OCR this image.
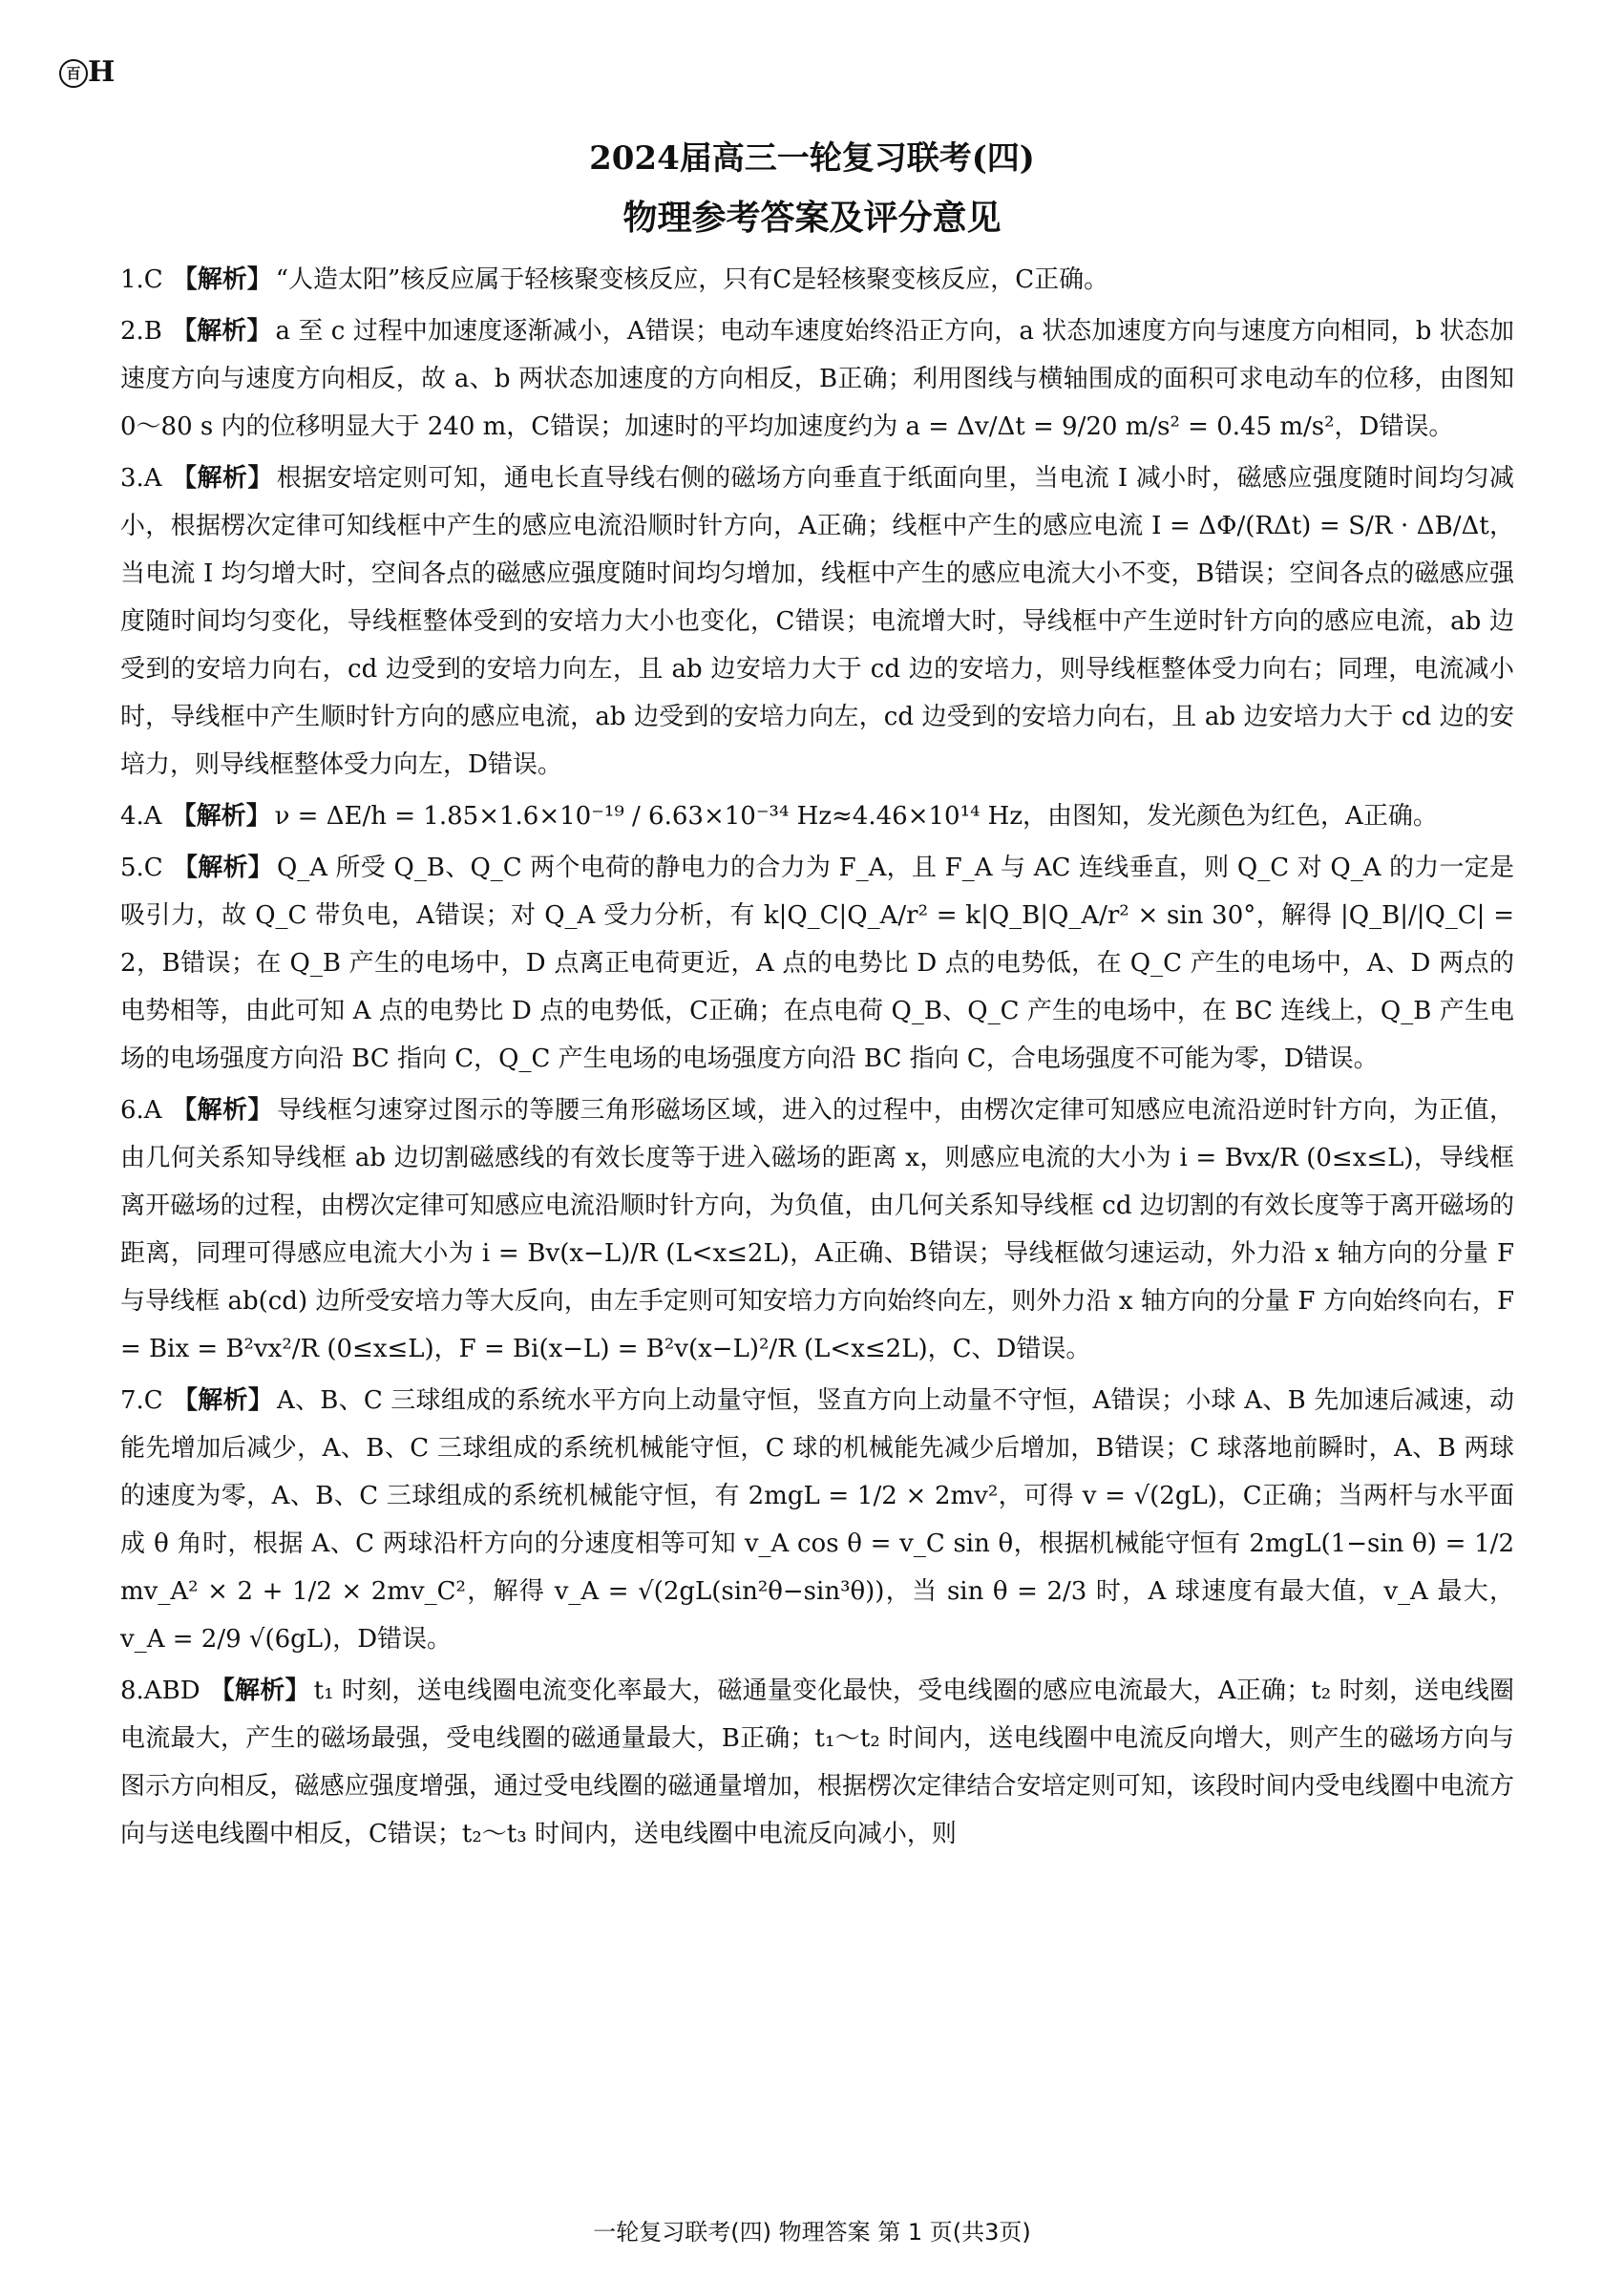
百 H
2024届高三一轮复习联考(四)
物理参考答案及评分意见
1.C 【解析】 “人造太阳”核反应属于轻核聚变核反应，只有C是轻核聚变核反应，C正确。
2.B 【解析】 a 至 c 过程中加速度逐渐减小，A错误；电动车速度始终沿正方向，a 状态加速度方向与速度方向相同，b 状态加速度方向与速度方向相反，故 a、b 两状态加速度的方向相反，B正确；利用图线与横轴围成的面积可求电动车的位移，由图知 0～80 s 内的位移明显大于 240 m，C错误；加速时的平均加速度约为 a = Δv/Δt = 9/20 m/s² = 0.45 m/s²，D错误。
3.A 【解析】 根据安培定则可知，通电长直导线右侧的磁场方向垂直于纸面向里，当电流 I 减小时，磁感应强度随时间均匀减小，根据楞次定律可知线框中产生的感应电流沿顺时针方向，A正确；线框中产生的感应电流 I = ΔΦ/(RΔt) = S/R · ΔB/Δt，当电流 I 均匀增大时，空间各点的磁感应强度随时间均匀增加，线框中产生的感应电流大小不变，B错误；空间各点的磁感应强度随时间均匀变化，导线框整体受到的安培力大小也变化，C错误；电流增大时，导线框中产生逆时针方向的感应电流，ab 边受到的安培力向右，cd 边受到的安培力向左，且 ab 边安培力大于 cd 边的安培力，则导线框整体受力向右；同理，电流减小时，导线框中产生顺时针方向的感应电流，ab 边受到的安培力向左，cd 边受到的安培力向右，且 ab 边安培力大于 cd 边的安培力，则导线框整体受力向左，D错误。
4.A 【解析】 ν = ΔE/h = 1.85×1.6×10⁻¹⁹ / 6.63×10⁻³⁴ Hz≈4.46×10¹⁴ Hz，由图知，发光颜色为红色，A正确。
5.C 【解析】 Q_A 所受 Q_B、Q_C 两个电荷的静电力的合力为 F_A，且 F_A 与 AC 连线垂直，则 Q_C 对 Q_A 的力一定是吸引力，故 Q_C 带负电，A错误；对 Q_A 受力分析，有 k|Q_C|Q_A/r² = k|Q_B|Q_A/r² × sin 30°，解得 |Q_B|/|Q_C| = 2，B错误；在 Q_B 产生的电场中，D 点离正电荷更近，A 点的电势比 D 点的电势低，在 Q_C 产生的电场中，A、D 两点的电势相等，由此可知 A 点的电势比 D 点的电势低，C正确；在点电荷 Q_B、Q_C 产生的电场中，在 BC 连线上，Q_B 产生电场的电场强度方向沿 BC 指向 C，Q_C 产生电场的电场强度方向沿 BC 指向 C，合电场强度不可能为零，D错误。
6.A 【解析】 导线框匀速穿过图示的等腰三角形磁场区域，进入的过程中，由楞次定律可知感应电流沿逆时针方向，为正值，由几何关系知导线框 ab 边切割磁感线的有效长度等于进入磁场的距离 x，则感应电流的大小为 i = Bvx/R (0≤x≤L)，导线框离开磁场的过程，由楞次定律可知感应电流沿顺时针方向，为负值，由几何关系知导线框 cd 边切割的有效长度等于离开磁场的距离，同理可得感应电流大小为 i = Bv(x−L)/R (L<x≤2L)，A正确、B错误；导线框做匀速运动，外力沿 x 轴方向的分量 F 与导线框 ab(cd) 边所受安培力等大反向，由左手定则可知安培力方向始终向左，则外力沿 x 轴方向的分量 F 方向始终向右，F = Bix = B²vx²/R (0≤x≤L)，F = Bi(x−L) = B²v(x−L)²/R (L<x≤2L)，C、D错误。
7.C 【解析】 A、B、C 三球组成的系统水平方向上动量守恒，竖直方向上动量不守恒，A错误；小球 A、B 先加速后减速，动能先增加后减少，A、B、C 三球组成的系统机械能守恒，C 球的机械能先减少后增加，B错误；C 球落地前瞬时，A、B 两球的速度为零，A、B、C 三球组成的系统机械能守恒，有 2mgL = 1/2 × 2mv²，可得 v = √(2gL)，C正确；当两杆与水平面成 θ 角时，根据 A、C 两球沿杆方向的分速度相等可知 v_A cos θ = v_C sin θ，根据机械能守恒有 2mgL(1−sin θ) = 1/2 mv_A² × 2 + 1/2 × 2mv_C²，解得 v_A = √(2gL(sin²θ−sin³θ))，当 sin θ = 2/3 时，A 球速度有最大值，v_A 最大，v_A = 2/9 √(6gL)，D错误。
8.ABD 【解析】 t₁ 时刻，送电线圈电流变化率最大，磁通量变化最快，受电线圈的感应电流最大，A正确；t₂ 时刻，送电线圈电流最大，产生的磁场最强，受电线圈的磁通量最大，B正确；t₁～t₂ 时间内，送电线圈中电流反向增大，则产生的磁场方向与图示方向相反，磁感应强度增强，通过受电线圈的磁通量增加，根据楞次定律结合安培定则可知，该段时间内受电线圈中电流方向与送电线圈中相反，C错误；t₂～t₃ 时间内，送电线圈中电流反向减小，则
一轮复习联考(四) 物理答案 第 1 页(共3页)
